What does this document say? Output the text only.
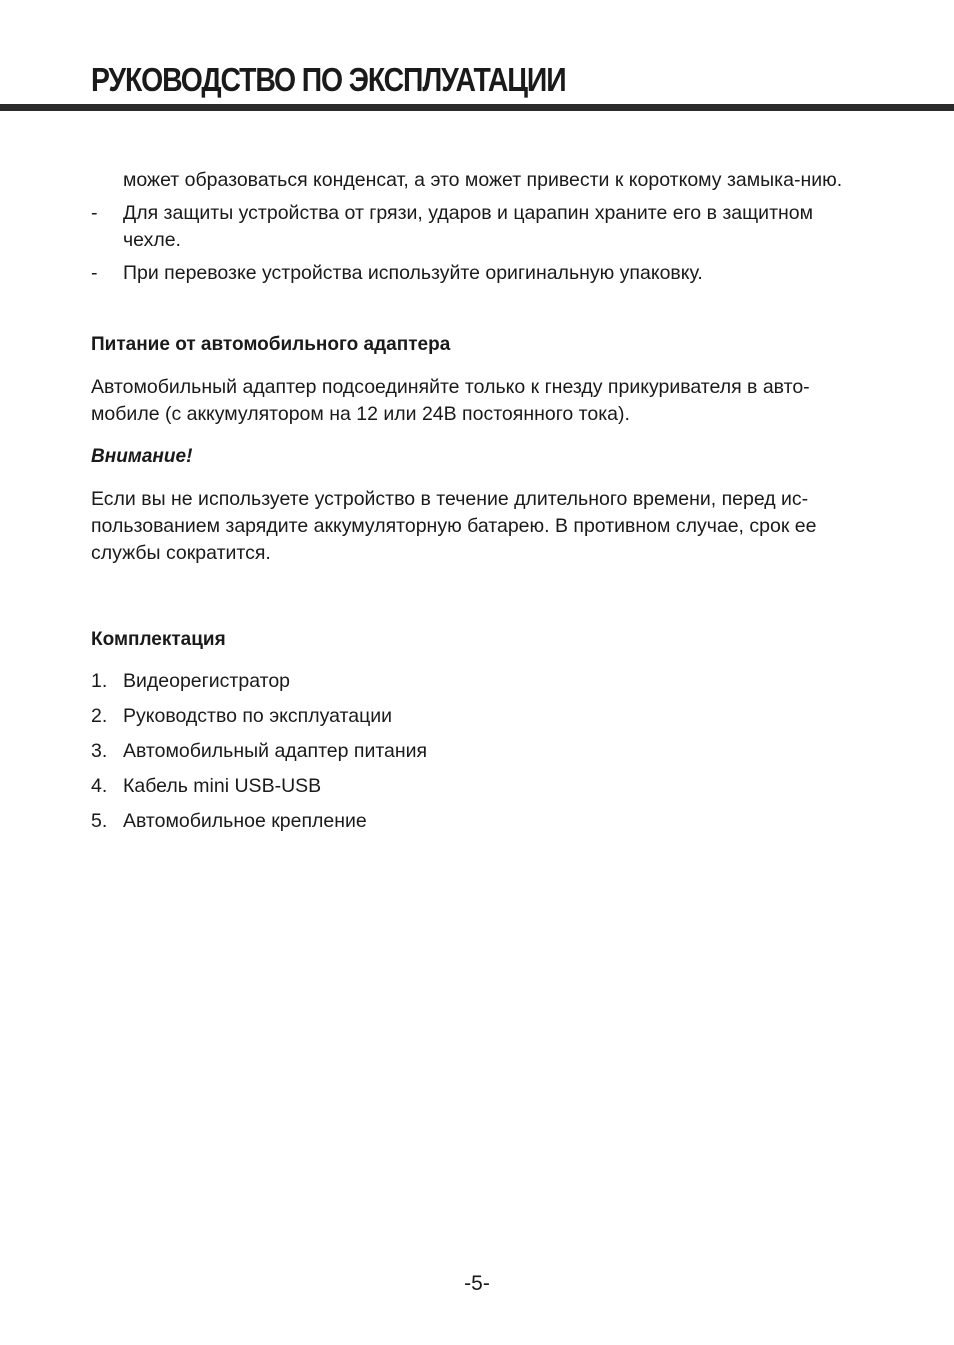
РУКОВОДСТВО ПО ЭКСПЛУАТАЦИИ
может образоваться конденсат, а это может привести к короткому замыка-нию.
- Для защиты устройства от грязи, ударов и царапин храните его в защитном чехле.
- При перевозке устройства используйте оригинальную упаковку.
Питание от автомобильного адаптера

Автомобильный адаптер подсоединяйте только к гнезду прикуривателя в авто-мобиле (с аккумулятором на 12 или 24В постоянного тока).

Внимание!

Если вы не используете устройство в течение длительного времени, перед ис-пользованием зарядите аккумуляторную батарею. В противном случае, срок ее службы сократится.

Комплектация
1. Видеорегистратор
2. Руководство по эксплуатации
3. Автомобильный адаптер питания
4. Кабель mini USB-USB
5. Автомобильное крепление
-5-
